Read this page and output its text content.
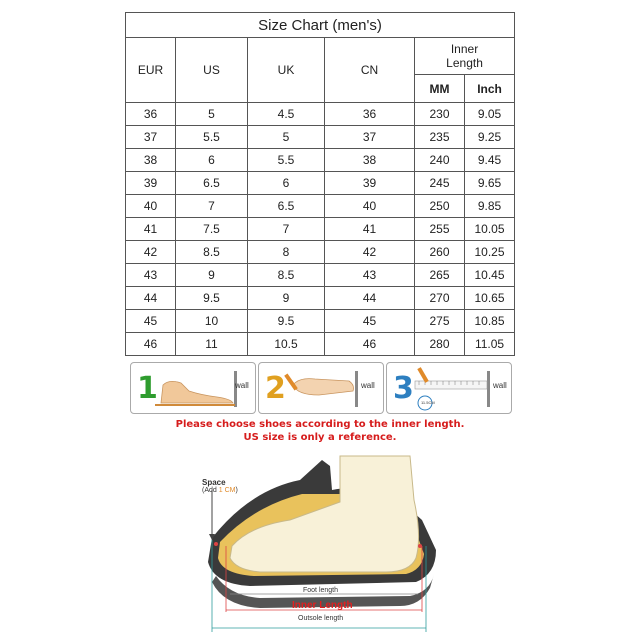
Size Chart (men's)					
EUR	US	UK	CN	Inner
Length	

				MM	Inch
36	5	4.5	36	230	9.05
37	5.5	5	37	235	9.25
38	6	5.5	38	240	9.45
39	6.5	6	39	245	9.65
40	7	6.5	40	250	9.85
41	7.5	7	41	255	10.05
42	8.5	8	42	260	10.25
43	9	8.5	43	265	10.45
44	9.5	9	44	270	10.65
45	10	9.5	45	275	10.85
46	11	10.5	46	280	11.05
1	wall 2	wall 3 11.5CM
wall
Please choose shoes according to the inner length.
US size is only a reference.
Space
(Add 1 CM)
Foot length
Inner Length
Outsole length
